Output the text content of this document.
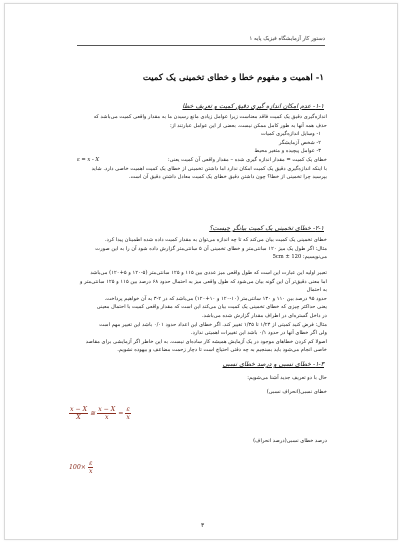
دستور کار آزمایشگاه فیزیک پایه ۱
۱- اهمیت و مفهوم خطا و خطای تخمینی یک کمیت
۱-۱- عدم امکان اندازه گیری دقیق کمیت و تعریف خطا

اندازه‌گیری دقیق یک کمیت فاقد معناست زیرا عوامل زیادی مانع رسیدن ما به مقدار واقعی کمیت می‌باشد که

حذف همه آنها به طور کامل ممکن نیست. بعضی از این عوامل عبارتند از:

۱- وسایل اندازه‌گیری کمیات
۲- شخص آزمایشگر
۳- عوامل پیچیده و متغیر محیط
خطای یک کمیت = مقدار اندازه گیری شده – مقدار واقعی آن کمیت یعنی:
ε = x - X

با اینکه اندازه‌گیری دقیق یک کمیت امکان ندارد اما داشتن تخمینی از خطای یک کمیت اهمیت خاصی دارد. شاید

بپرسید چرا تخمینی از خطا؟ چون داشتن دقیق خطای یک کمیت معادل داشتن دقیق آن است.

۲-۱- خطای تخمینی یک کمیت بیانگر چیست؟

خطای تخمینی یک کمیت بیان می‌کند که تا چه اندازه می‌توان به مقدار کمیت داده شده اطمینان پیدا کرد.

مثال: اگر طول یک میز ۱۲۰ سانتی‌متر و خطای تخمینی آن ۵ سانتی‌متر گزارش داده شود آن را به این صورت

می‌نویسیم: 120 ± 5cm

تعبیر اولیه این عبارت این است که طول واقعی میز عددی بین ۱۱۵ و ۱۲۵ سانتی‌متر (۵-۱۲۰ و ۵+۱۲۰) می‌باشد

اما معنی دقیق‌تر آن این گونه بیان می‌شود که طول واقعی میز به احتمال حدود ۶۸ درصد بین ۱۱۵ و ۱۲۵ سانتی‌متر و به احتمال

حدود ۹۵ درصد بین ۱۱۰ و ۱۳۰ سانتی‌متر (۱۰-۱۲۰ و ۱۰+۱۲۰) می‌باشد که در ۲-۳ به آن خواهیم پرداخت.

یعنی حداکثر چیزی که خطای تخمینی یک کمیت بیان می‌کند این است که مقدار واقعی کمیت با احتمال معینی

در داخل گستره‌ای در اطراف مقدار گزارش شده می‌باشد.

مثال: فرض کنید کمیتی از ۱/۲۴ تا ۱/۳۵ تغییر کند. اگر خطای این اعداد حدود ۰/۰۱ باشد این تغییر مهم است

ولی اگر خطای آنها در حدود ۰/۱ باشد این تغییرات اهمیتی ندارد.

اصولا کم کردن خطاهای موجود در یک آزمایش همیشه کار ساده‌ای نیست. به این خاطر اگر آزمایشی برای مقاصد

خاصی انجام می‌شود باید بسنجیم به چه دقتی احتیاج است تا دچار زحمت مضاعف و بیهوده نشویم.

۱-۳- خطای نسبی و درصد خطای نسبی

حال با دو تعریف جدید آشنا می‌شویم:

خطای نسبی(انحراف نسبی)

$\frac{x - X}{X}$ ≅ $\frac{x - X}{x} = \frac{\varepsilon}{x}$

درصد خطای نسبی(درصد انحراف)

$100\times \frac{\varepsilon}{x}$
۳
